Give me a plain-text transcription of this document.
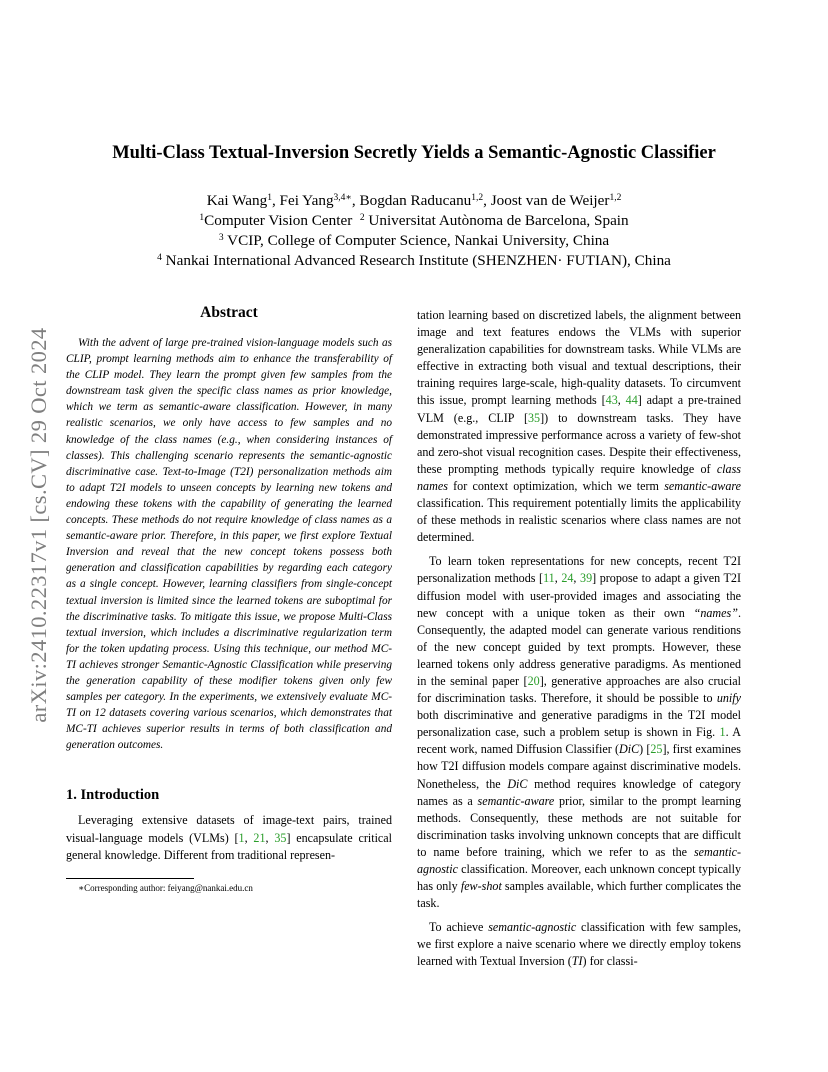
arXiv:2410.22317v1 [cs.CV] 29 Oct 2024
Multi-Class Textual-Inversion Secretly Yields a Semantic-Agnostic Classifier
Kai Wang$^1$, Fei Yang$^{3,4∗}$, Bogdan Raducanu$^{1,2}$, Joost van de Weijer$^{1,2}$
$^1$Computer Vision Center $^2$ Universitat Autònoma de Barcelona, Spain
$^3$ VCIP, College of Computer Science, Nankai University, China
$^4$ Nankai International Advanced Research Institute (SHENZHEN· FUTIAN), China
Abstract

With the advent of large pre-trained vision-language models such as CLIP, prompt learning methods aim to enhance the transferability of the CLIP model. They learn the prompt given few samples from the downstream task given the specific class names as prior knowledge, which we term as semantic-aware classification. However, in many realistic scenarios, we only have access to few samples and no knowledge of the class names (e.g., when considering instances of classes). This challenging scenario represents the semantic-agnostic discriminative case. Text-to-Image (T2I) personalization methods aim to adapt T2I models to unseen concepts by learning new tokens and endowing these tokens with the capability of generating the learned concepts. These methods do not require knowledge of class names as a semantic-aware prior. Therefore, in this paper, we first explore Textual Inversion and reveal that the new concept tokens possess both generation and classification capabilities by regarding each category as a single concept. However, learning classifiers from single-concept textual inversion is limited since the learned tokens are suboptimal for the discriminative tasks. To mitigate this issue, we propose Multi-Class textual inversion, which includes a discriminative regularization term for the token updating process. Using this technique, our method MC-TI achieves stronger Semantic-Agnostic Classification while preserving the generation capability of these modifier tokens given only few samples per category. In the experiments, we extensively evaluate MC-TI on 12 datasets covering various scenarios, which demonstrates that MC-TI achieves superior results in terms of both classification and generation outcomes.

1. Introduction

Leveraging extensive datasets of image-text pairs, trained visual-language models (VLMs) [1, 21, 35] encapsulate critical general knowledge. Different from traditional represen-

∗Corresponding author: feiyang@nankai.edu.cn

tation learning based on discretized labels, the alignment between image and text features endows the VLMs with superior generalization capabilities for downstream tasks. While VLMs are effective in extracting both visual and textual descriptions, their training requires large-scale, high-quality datasets. To circumvent this issue, prompt learning methods [43, 44] adapt a pre-trained VLM (e.g., CLIP [35]) to downstream tasks. They have demonstrated impressive performance across a variety of few-shot and zero-shot visual recognition cases. Despite their effectiveness, these prompting methods typically require knowledge of class names for context optimization, which we term semantic-aware classification. This requirement potentially limits the applicability of these methods in realistic scenarios where class names are not determined.

To learn token representations for new concepts, recent T2I personalization methods [11, 24, 39] propose to adapt a given T2I diffusion model with user-provided images and associating the new concept with a unique token as their own “names”. Consequently, the adapted model can generate various renditions of the new concept guided by text prompts. However, these learned tokens only address generative paradigms. As mentioned in the seminal paper [20], generative approaches are also crucial for discrimination tasks. Therefore, it should be possible to unify both discriminative and generative paradigms in the T2I model personalization case, such a problem setup is shown in Fig. 1. A recent work, named Diffusion Classifier (DiC) [25], first examines how T2I diffusion models compare against discriminative models. Nonetheless, the DiC method requires knowledge of category names as a semantic-aware prior, similar to the prompt learning methods. Consequently, these methods are not suitable for discrimination tasks involving unknown concepts that are difficult to name before training, which we refer to as the semantic-agnostic classification. Moreover, each unknown concept typically has only few-shot samples available, which further complicates the task.

To achieve semantic-agnostic classification with few samples, we first explore a naive scenario where we directly employ tokens learned with Textual Inversion (TI) for classi-
